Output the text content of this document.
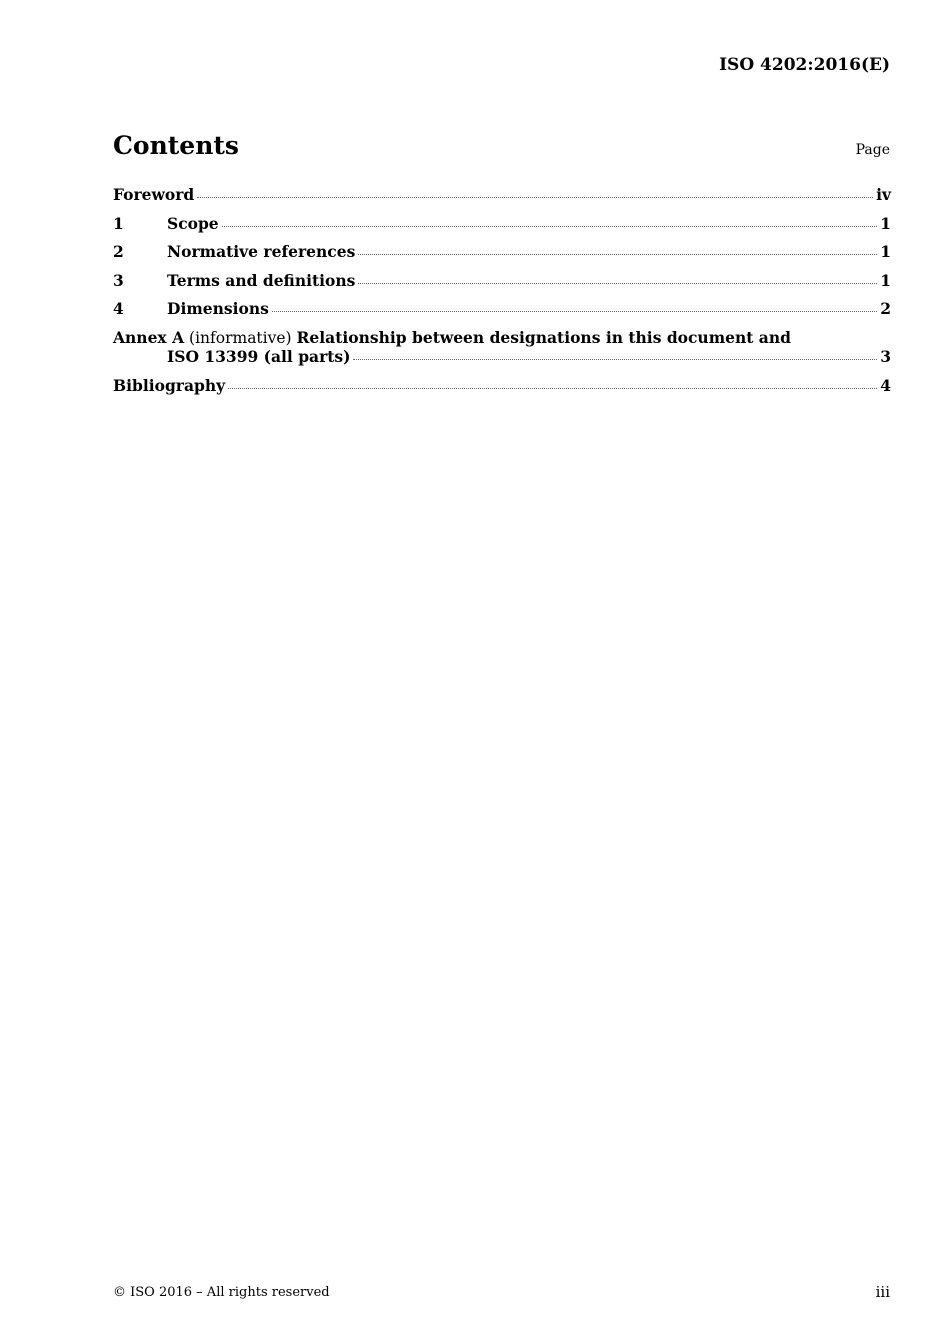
ISO 4202:2016(E)
Contents	Page
Foreword	iv
1	Scope	1
2	Normative references	1
3	Terms and definitions	1
4	Dimensions	2
Annex A (informative) Relationship between designations in this document and
ISO 13399 (all parts)	3
Bibliography	4
© ISO 2016 – All rights reserved	iii
